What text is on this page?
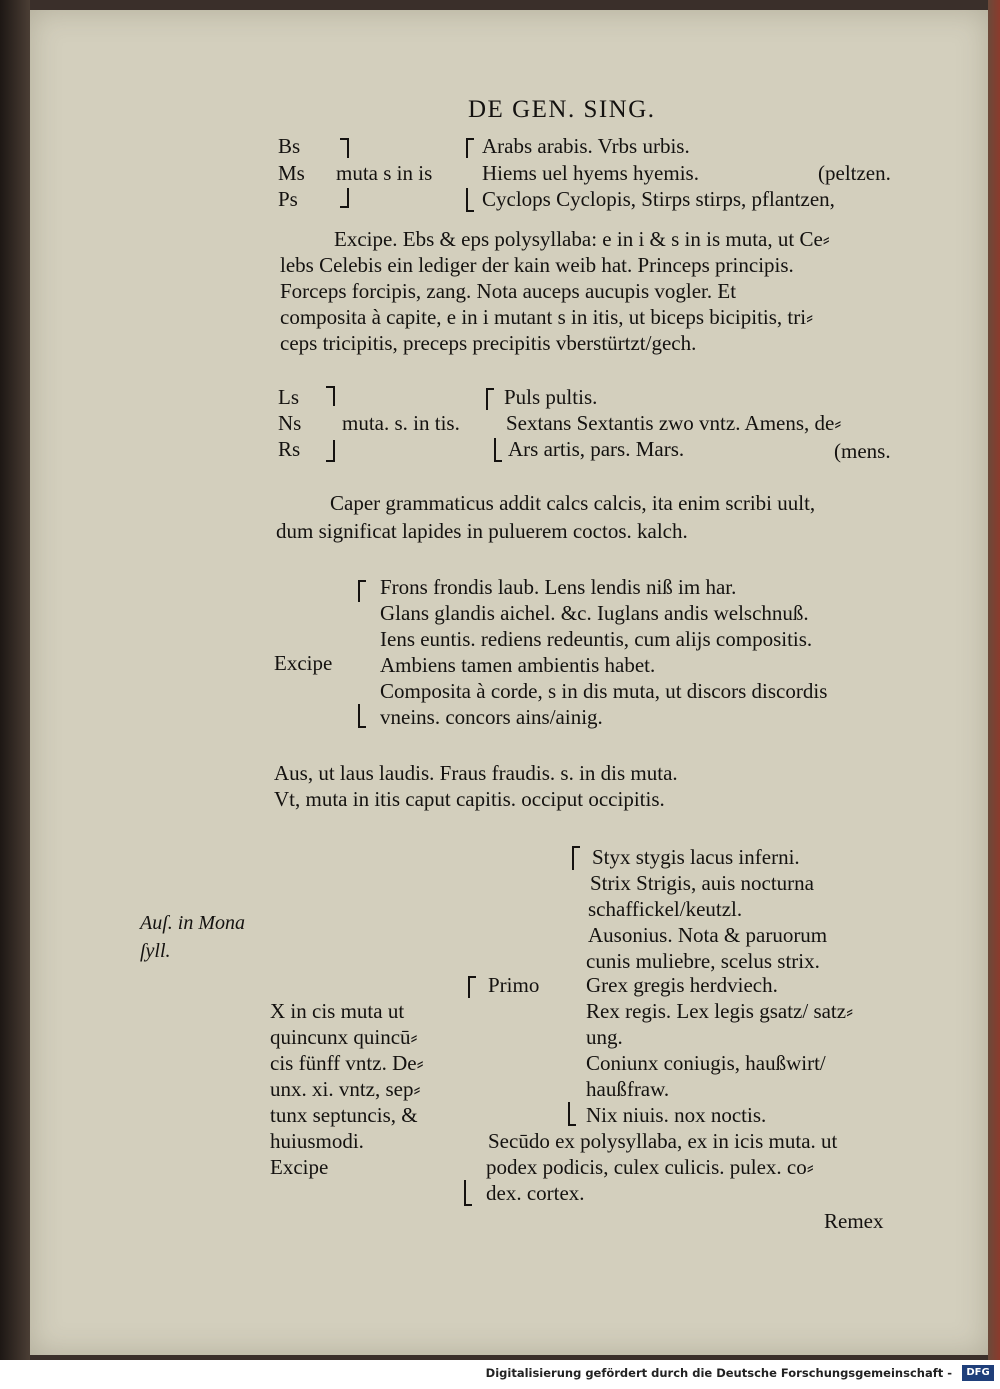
DE GEN. SING.
Bs
Ms
Ps
muta s in is
Arabs arabis. Vrbs urbis.
Hiems uel hyems hyemis.
Cyclops Cyclopis, Stirps stirps, pflantzen,
(peltzen.
Excipe. Ebs & eps polysyllaba: e in i & s in is muta, ut Ce⸗
lebs Celebis ein lediger der kain weib hat. Princeps principis.
Forceps forcipis, zang. Nota auceps aucupis vogler. Et
composita à capite, e in i mutant s in itis, ut biceps bicipitis, tri⸗
ceps tricipitis, preceps precipitis vberstürtzt/gech.
Ls
Ns
Rs
muta. s. in tis.
Puls pultis.
Sextans Sextantis zwo vntz. Amens, de⸗
Ars artis, pars. Mars.	(mens.
Caper grammaticus addit calcs calcis, ita enim scribi uult,
dum significat lapides in puluerem coctos. kalch.
Excipe
Frons frondis laub. Lens lendis niß im har.
Glans glandis aichel. &c. Iuglans andis welschnuß.
Iens euntis. rediens redeuntis, cum alijs compositis.
Ambiens tamen ambientis habet.
Composita à corde, s in dis muta, ut discors discordis
vneins. concors ains/ainig.
Aus, ut laus laudis. Fraus fraudis. s. in dis muta.
Vt, muta in itis caput capitis. occiput occipitis.
Auſ. in Mona
ſyll.
Styx stygis lacus inferni.
Strix Strigis, auis nocturna
schaffickel/keutzl.
Ausonius. Nota & paruorum
cunis muliebre, scelus strix.
Grex gregis herdviech.
Rex regis. Lex legis gsatz/ satz⸗
ung.
Coniunx coniugis, haußwirt/
haußfraw.
Nix niuis. nox noctis.
Primo
X in cis muta ut
quincunx quincū⸗
cis fünff vntz. De⸗
unx. xi. vntz, sep⸗
tunx septuncis, &
huiusmodi.
Excipe
Secūdo ex polysyllaba, ex in icis muta. ut
podex podicis, culex culicis. pulex. co⸗
dex. cortex.
Remex
Digitalisierung gefördert durch die Deutsche Forschungsgemeinschaft -	DFG
